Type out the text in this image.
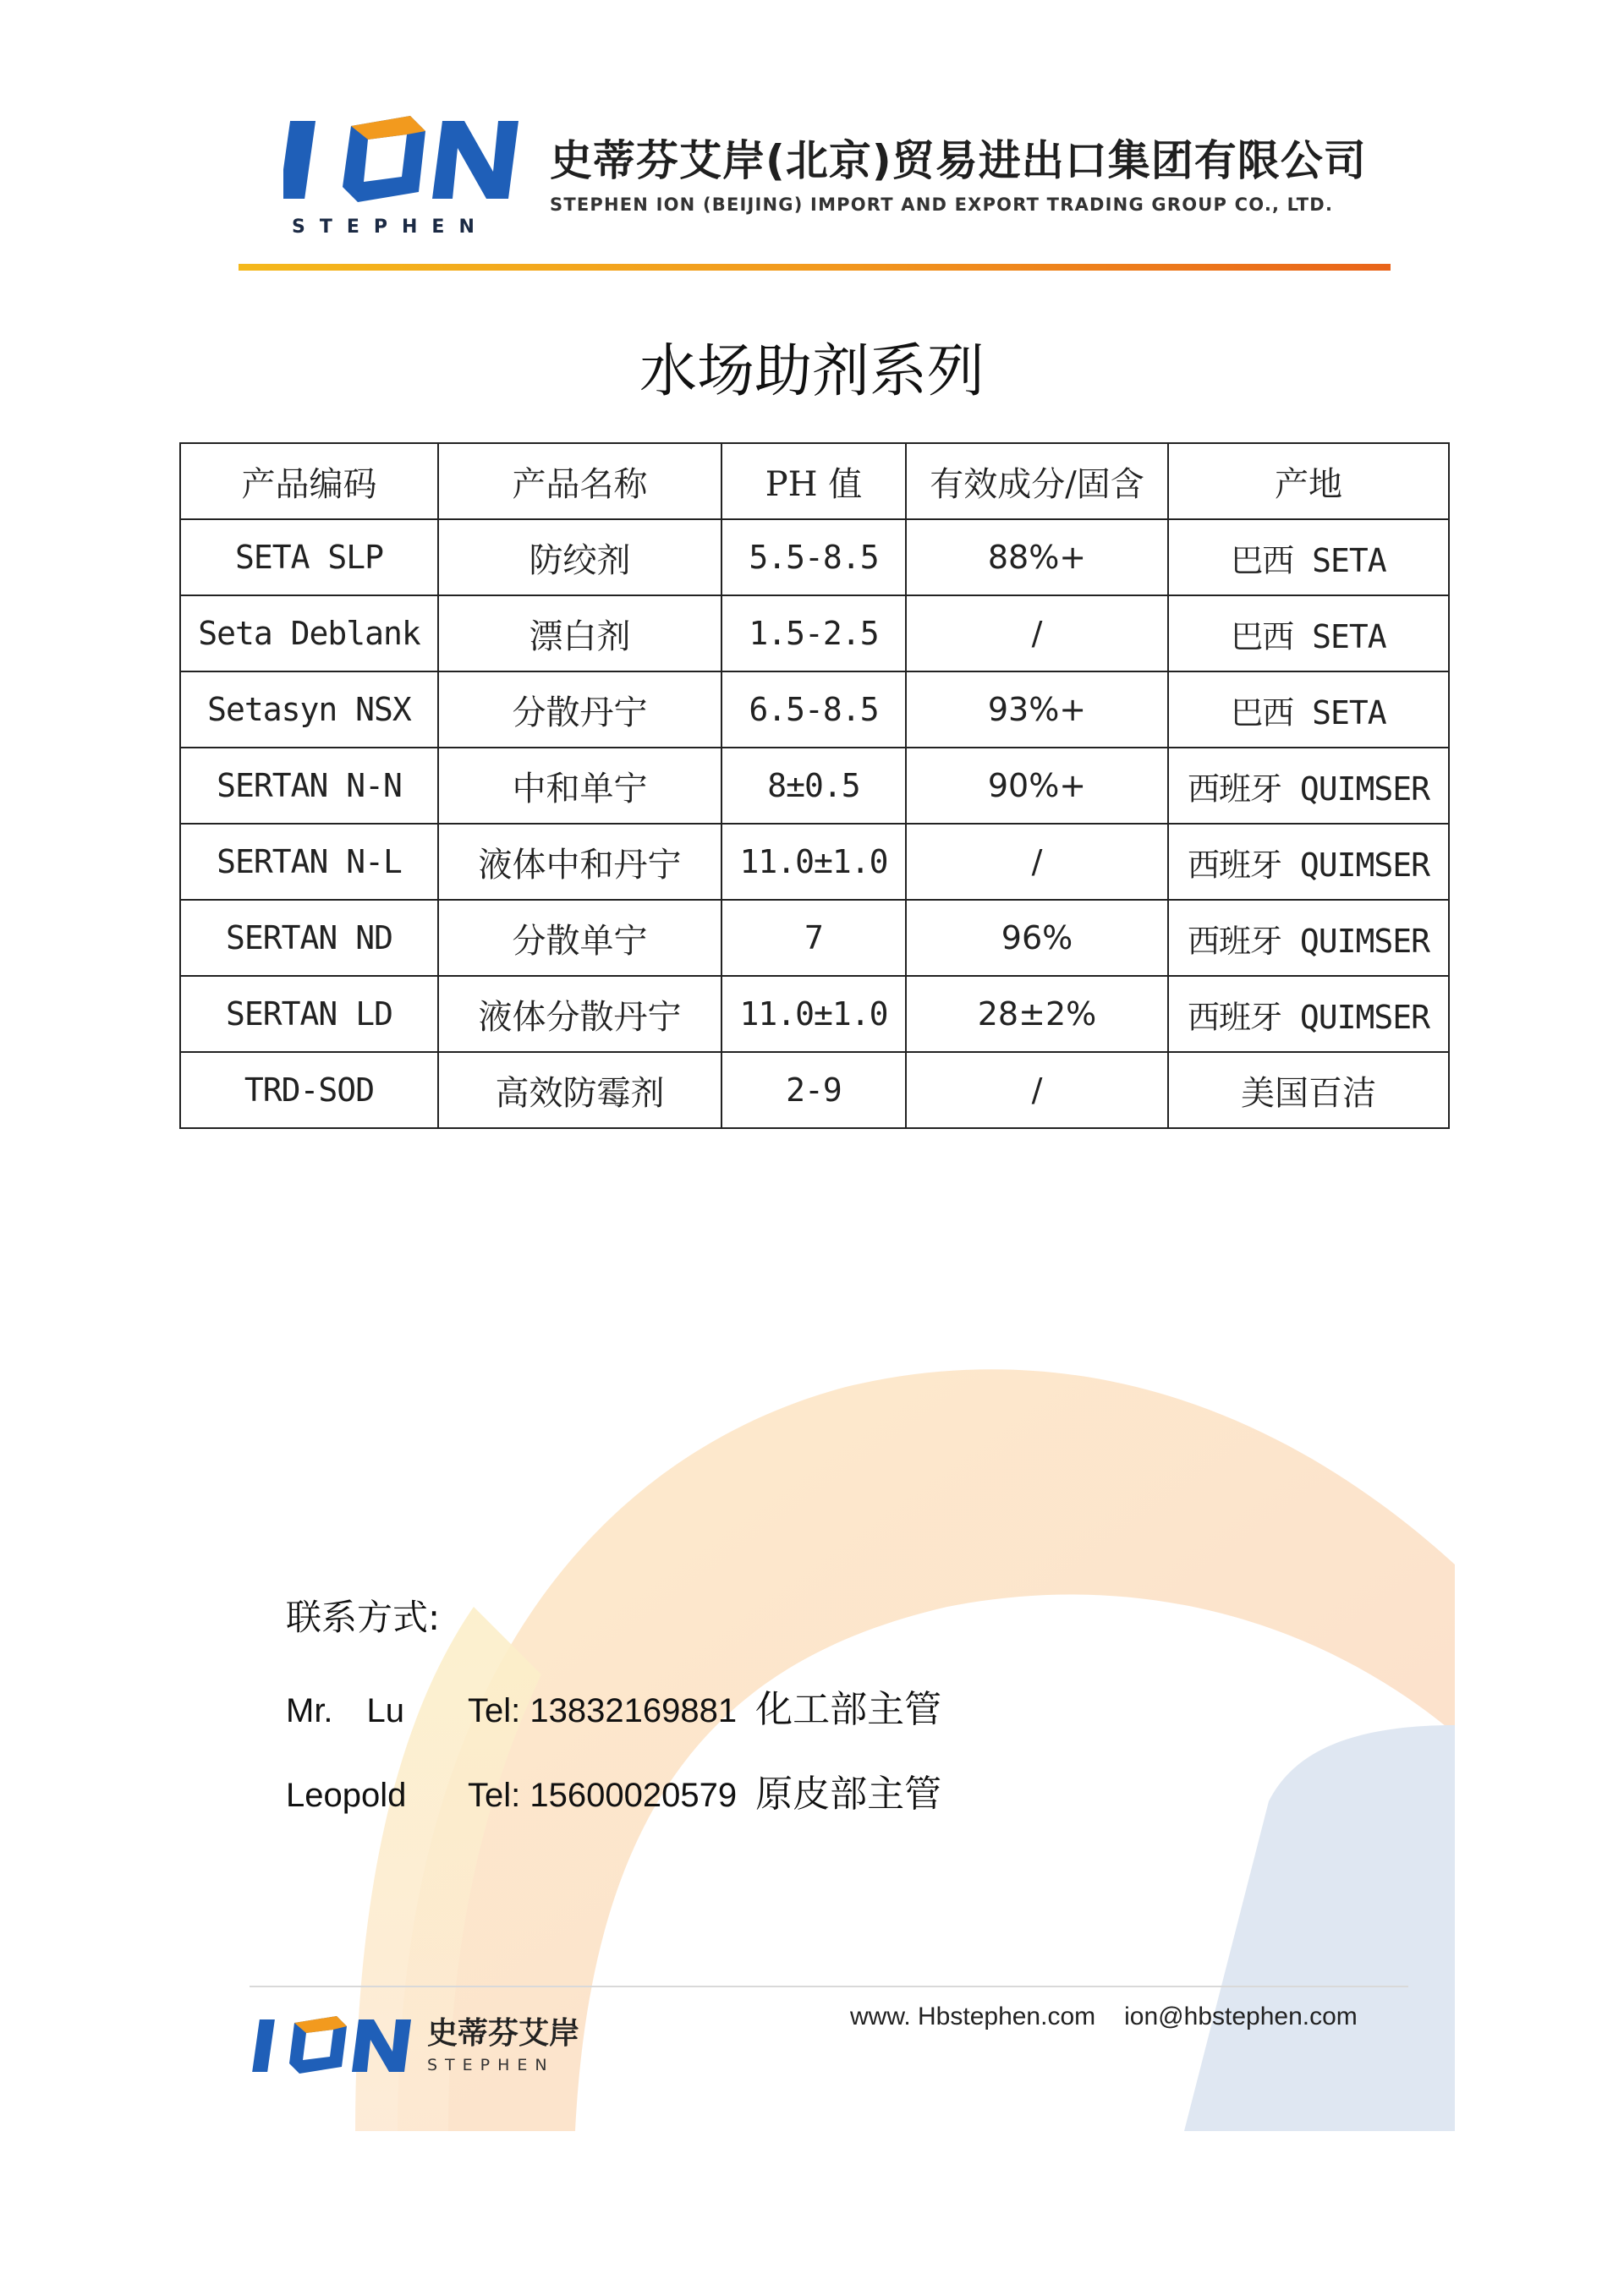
STEPHEN
史蒂芬艾岸(北京)贸易进出口集团有限公司
STEPHEN ION (BEIJING) IMPORT AND EXPORT TRADING GROUP CO., LTD.
水场助剂系列
产品编码	产品名称	PH 值	有效成分/固含	产地
SETA SLP	防绞剂	5.5-8.5	88%+	巴西 SETA
Seta Deblank	漂白剂	1.5-2.5	/	巴西 SETA
Setasyn NSX	分散丹宁	6.5-8.5	93%+	巴西 SETA
SERTAN N-N	中和单宁	8±0.5	90%+	西班牙 QUIMSER
SERTAN N-L	液体中和丹宁	11.0±1.0	/	西班牙 QUIMSER
SERTAN ND	分散单宁	7	96%	西班牙 QUIMSER
SERTAN LD	液体分散丹宁	11.0±1.0	28±2%	西班牙 QUIMSER
TRD-SOD	高效防霉剂	2-9	/	美国百洁
联系方式:
Mr.　Lu Tel: 13832169881 化工部主管
Leopold Tel: 15600020579 原皮部主管
史蒂芬艾岸
STEPHEN
www. Hbstephen.com ion@hbstephen.com
